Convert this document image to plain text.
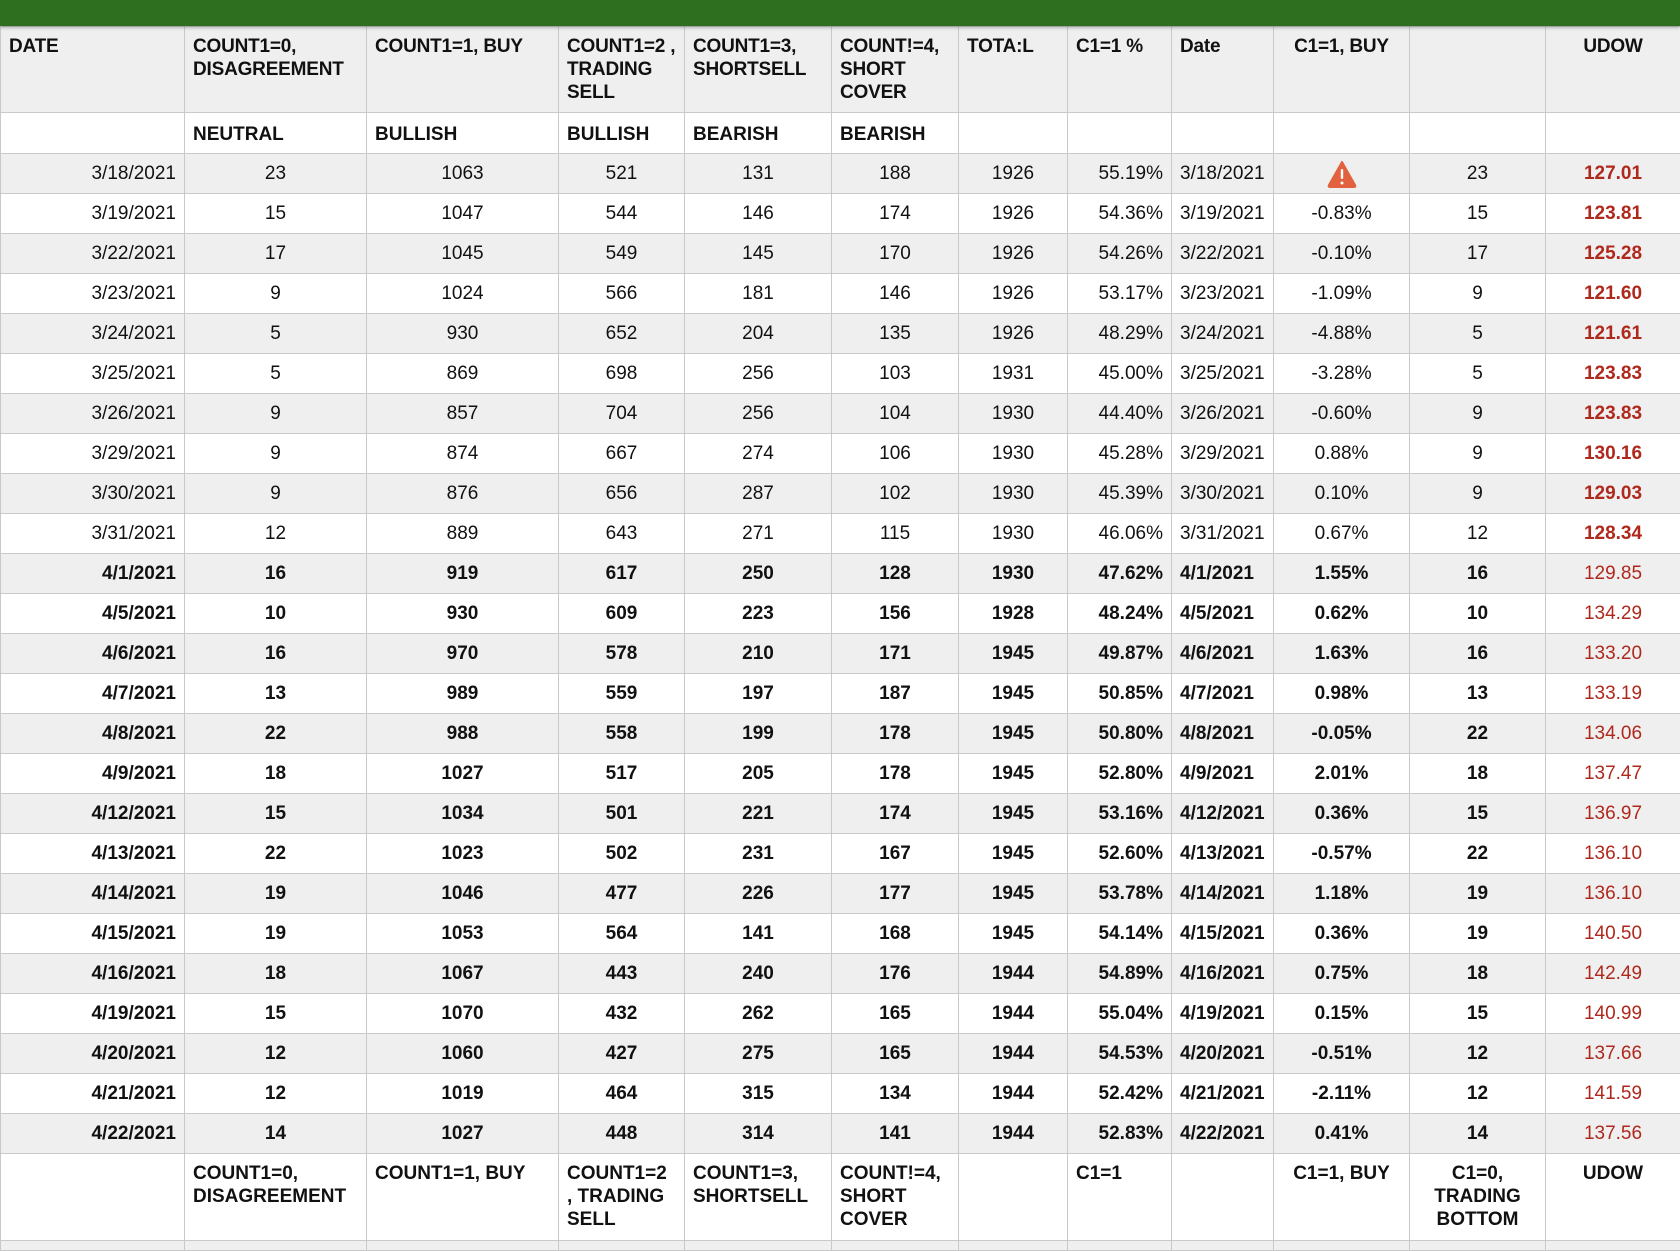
DATE	COUNT1=0, DISAGREEMENT	COUNT1=1, BUY	COUNT1=2 , TRADING SELL	COUNT1=3, SHORTSELL	COUNT!=4, SHORT COVER	TOTA:L	C1=1 %	Date	C1=1, BUY		UDOW
	NEUTRAL	BULLISH	BULLISH	BEARISH	BEARISH						
3/18/2021	23	1063	521	131	188	1926	55.19%	3/18/2021		23	127.01
3/19/2021	15	1047	544	146	174	1926	54.36%	3/19/2021	-0.83%	15	123.81
3/22/2021	17	1045	549	145	170	1926	54.26%	3/22/2021	-0.10%	17	125.28
3/23/2021	9	1024	566	181	146	1926	53.17%	3/23/2021	-1.09%	9	121.60
3/24/2021	5	930	652	204	135	1926	48.29%	3/24/2021	-4.88%	5	121.61
3/25/2021	5	869	698	256	103	1931	45.00%	3/25/2021	-3.28%	5	123.83
3/26/2021	9	857	704	256	104	1930	44.40%	3/26/2021	-0.60%	9	123.83
3/29/2021	9	874	667	274	106	1930	45.28%	3/29/2021	0.88%	9	130.16
3/30/2021	9	876	656	287	102	1930	45.39%	3/30/2021	0.10%	9	129.03
3/31/2021	12	889	643	271	115	1930	46.06%	3/31/2021	0.67%	12	128.34
4/1/2021	16	919	617	250	128	1930	47.62%	4/1/2021	1.55%	16	129.85
4/5/2021	10	930	609	223	156	1928	48.24%	4/5/2021	0.62%	10	134.29
4/6/2021	16	970	578	210	171	1945	49.87%	4/6/2021	1.63%	16	133.20
4/7/2021	13	989	559	197	187	1945	50.85%	4/7/2021	0.98%	13	133.19
4/8/2021	22	988	558	199	178	1945	50.80%	4/8/2021	-0.05%	22	134.06
4/9/2021	18	1027	517	205	178	1945	52.80%	4/9/2021	2.01%	18	137.47
4/12/2021	15	1034	501	221	174	1945	53.16%	4/12/2021	0.36%	15	136.97
4/13/2021	22	1023	502	231	167	1945	52.60%	4/13/2021	-0.57%	22	136.10
4/14/2021	19	1046	477	226	177	1945	53.78%	4/14/2021	1.18%	19	136.10
4/15/2021	19	1053	564	141	168	1945	54.14%	4/15/2021	0.36%	19	140.50
4/16/2021	18	1067	443	240	176	1944	54.89%	4/16/2021	0.75%	18	142.49
4/19/2021	15	1070	432	262	165	1944	55.04%	4/19/2021	0.15%	15	140.99
4/20/2021	12	1060	427	275	165	1944	54.53%	4/20/2021	-0.51%	12	137.66
4/21/2021	12	1019	464	315	134	1944	52.42%	4/21/2021	-2.11%	12	141.59
4/22/2021	14	1027	448	314	141	1944	52.83%	4/22/2021	0.41%	14	137.56
	COUNT1=0, DISAGREEMENT	COUNT1=1, BUY	COUNT1=2 , TRADING SELL	COUNT1=3, SHORTSELL	COUNT!=4, SHORT COVER		C1=1		C1=1, BUY	C1=0, TRADING BOTTOM	UDOW
